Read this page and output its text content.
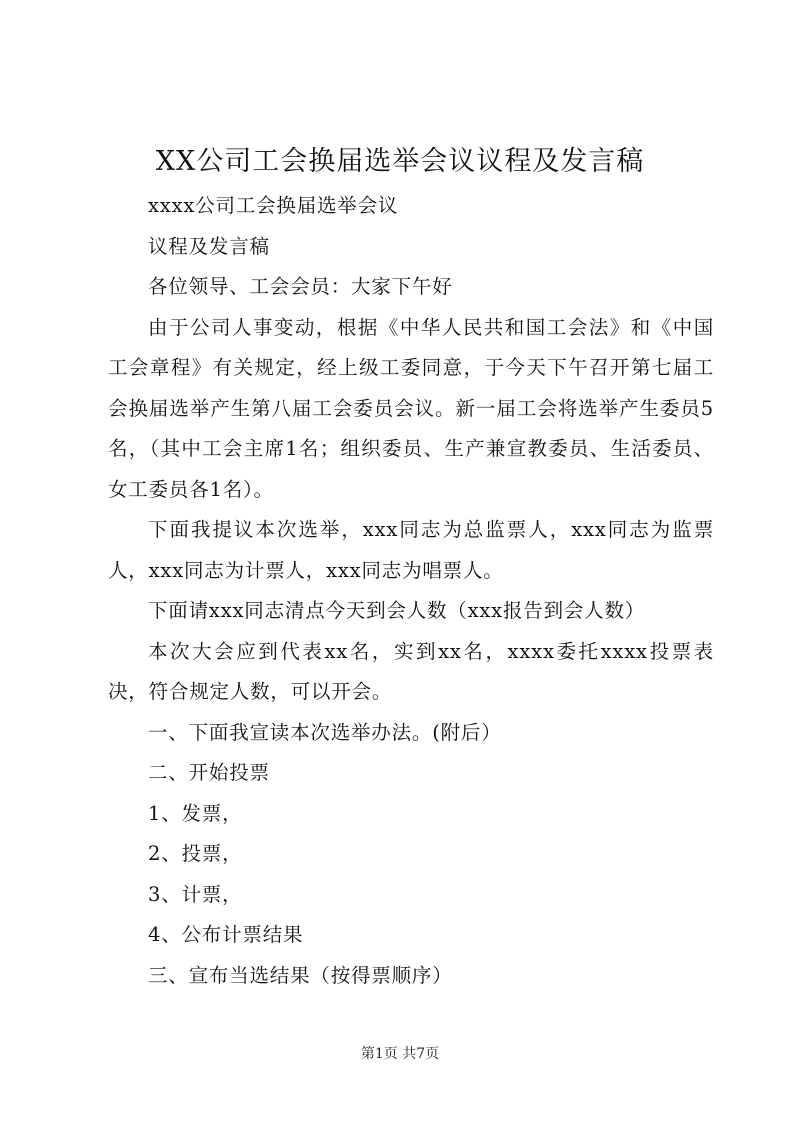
XX公司工会换届选举会议议程及发言稿

xxxx公司工会换届选举会议

议程及发言稿

各位领导、工会会员：大家下午好

由于公司人事变动，根据《中华人民共和国工会法》和《中国工会章程》有关规定，经上级工委同意，于今天下午召开第七届工会换届选举产生第八届工会委员会议。新一届工会将选举产生委员5名，（其中工会主席1名；组织委员、生产兼宣教委员、生活委员、女工委员各1名）。

下面我提议本次选举，xxx同志为总监票人，xxx同志为监票人，xxx同志为计票人，xxx同志为唱票人。

下面请xxx同志清点今天到会人数（xxx报告到会人数）

本次大会应到代表xx名，实到xx名，xxxx委托xxxx投票表决，符合规定人数，可以开会。

一、下面我宣读本次选举办法。(附后）

二、开始投票

1、发票，

2、投票，

3、计票，

4、公布计票结果

三、宣布当选结果（按得票顺序）

第1页 共7页
